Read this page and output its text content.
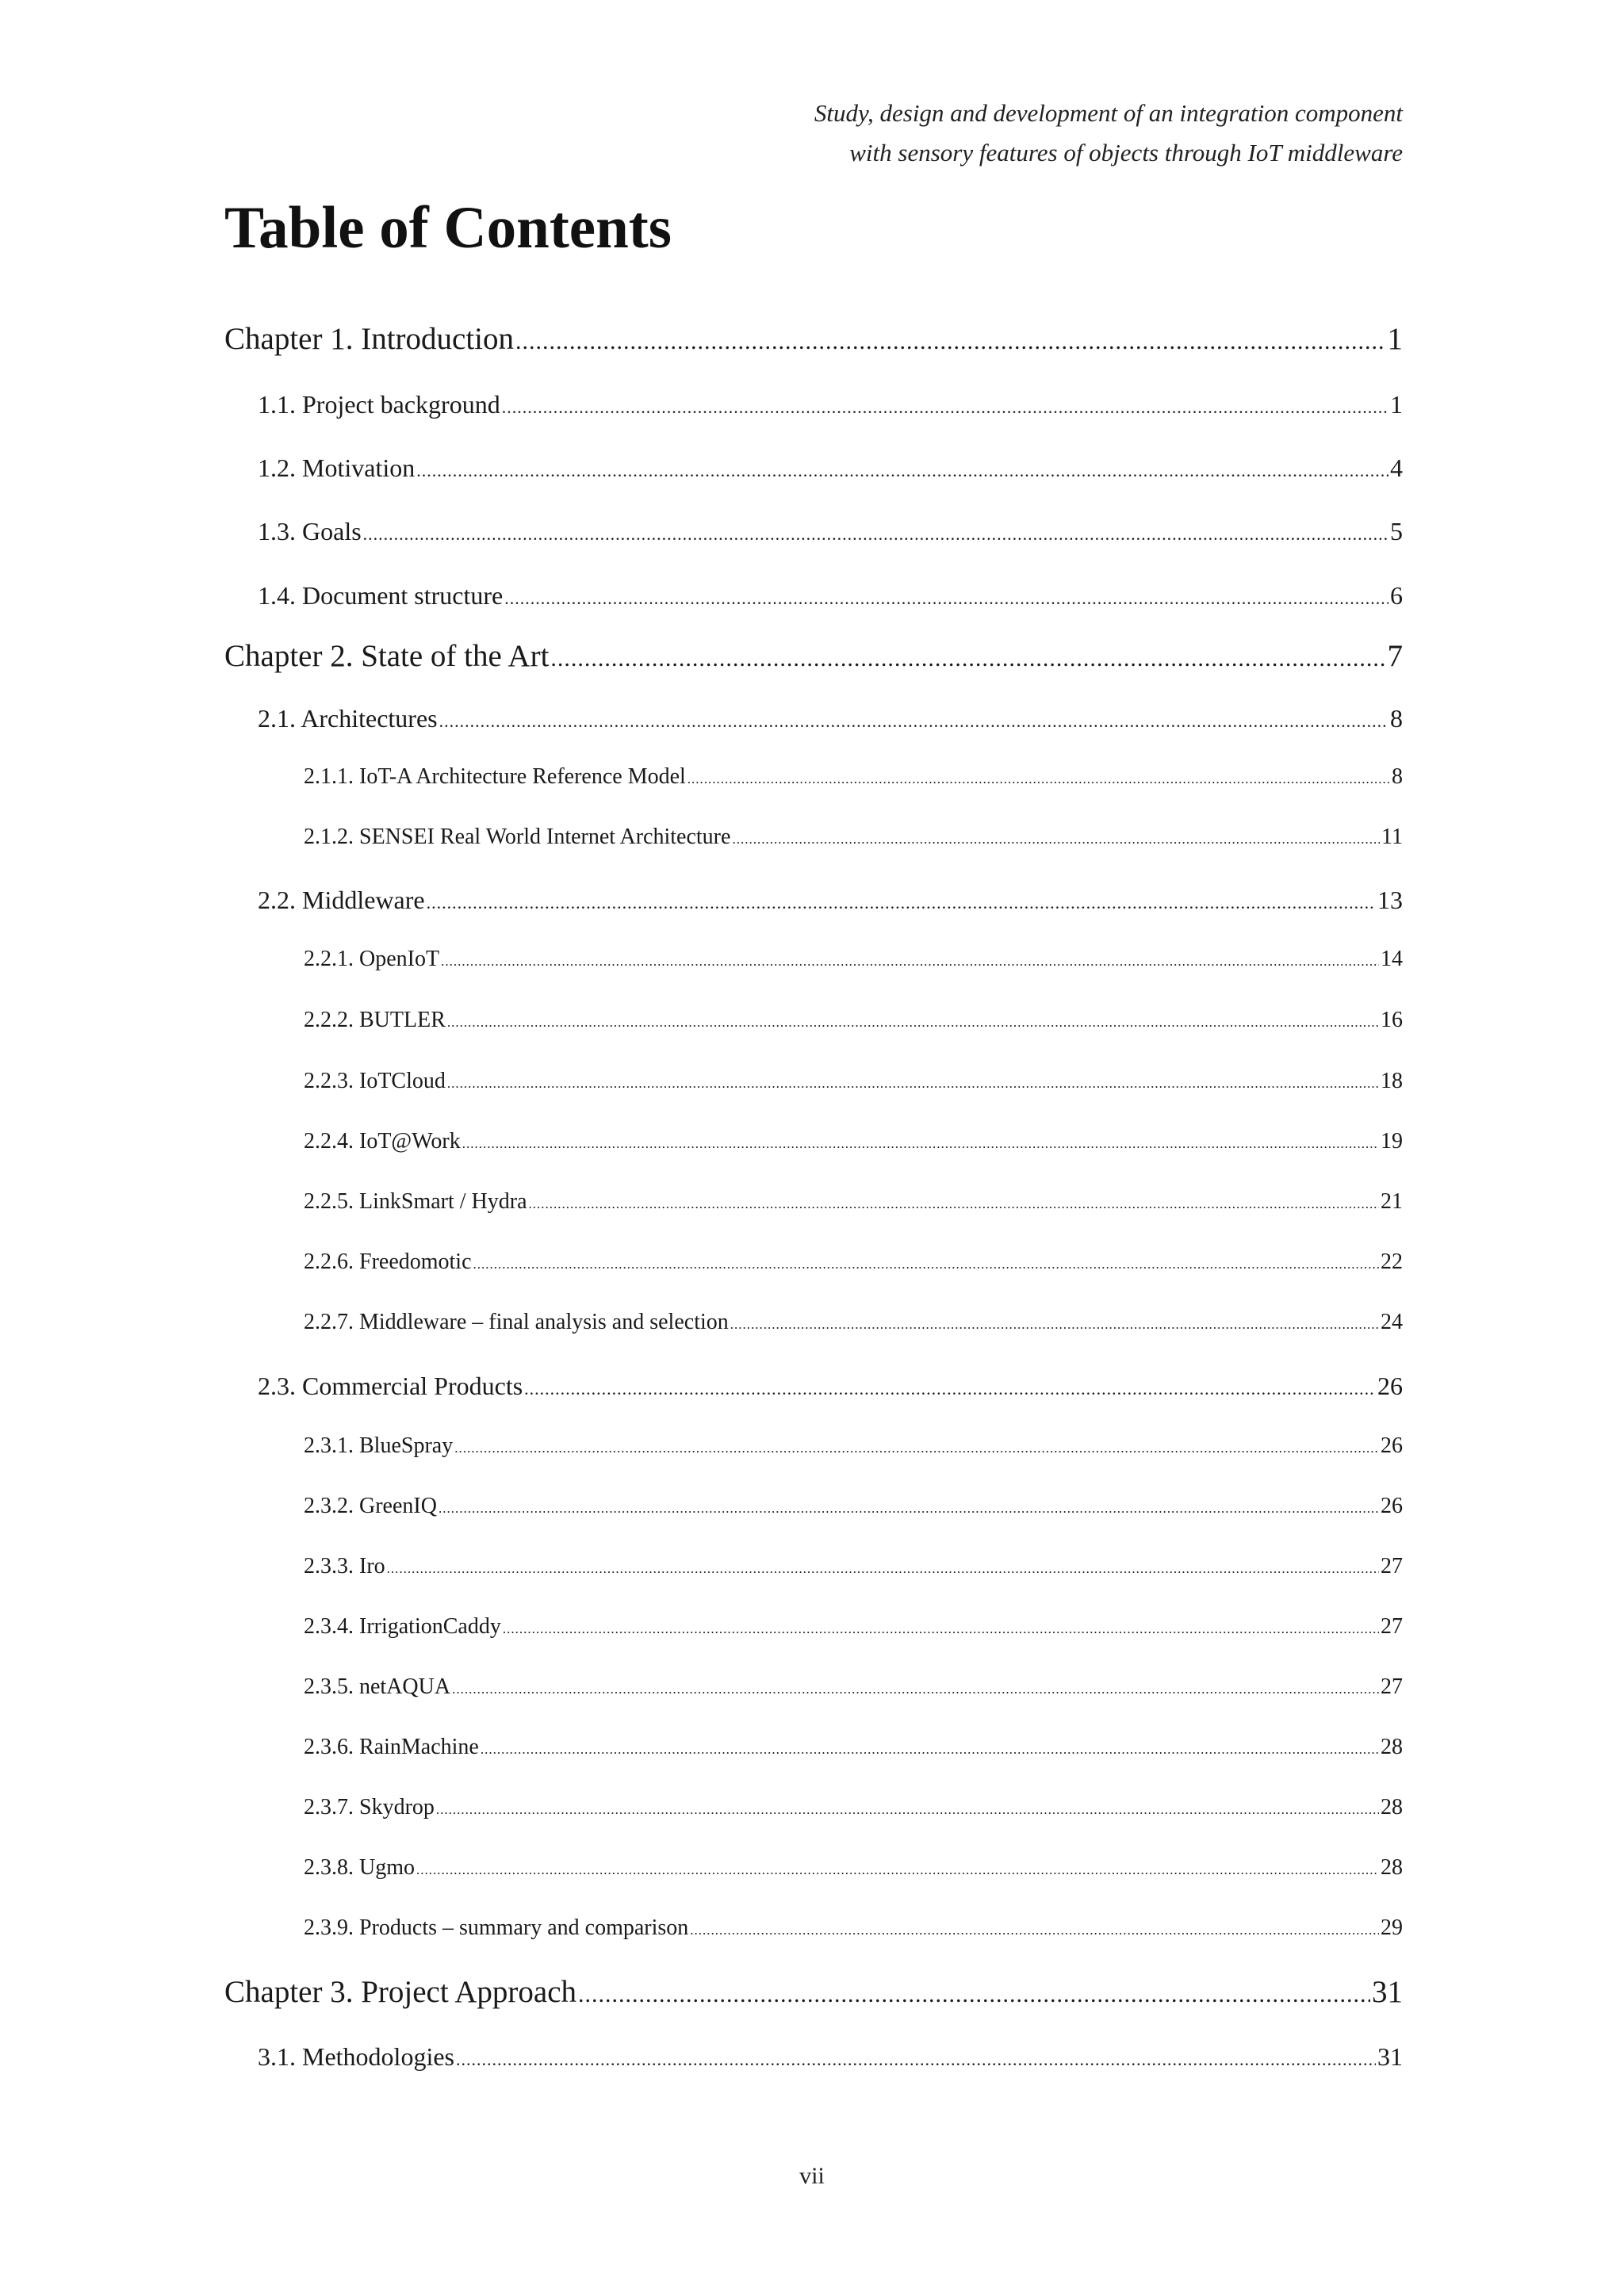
Study, design and development of an integration component
with sensory features of objects through IoT middleware
Table of Contents
Chapter 1. Introduction .....	1
1.1. Project background .....	1
1.2. Motivation .....	4
1.3. Goals .....	5
1.4. Document structure .....	6
Chapter 2. State of the Art .....	7
2.1. Architectures .....	8
2.1.1. IoT-A Architecture Reference Model .....	8
2.1.2. SENSEI Real World Internet Architecture .....	11
2.2. Middleware .....	13
2.2.1. OpenIoT .....	14
2.2.2. BUTLER .....	16
2.2.3. IoTCloud .....	18
2.2.4. IoT@Work .....	19
2.2.5. LinkSmart / Hydra .....	21
2.2.6. Freedomotic .....	22
2.2.7. Middleware – final analysis and selection .....	24
2.3. Commercial Products .....	26
2.3.1. BlueSpray .....	26
2.3.2. GreenIQ .....	26
2.3.3. Iro .....	27
2.3.4. IrrigationCaddy .....	27
2.3.5. netAQUA .....	27
2.3.6. RainMachine .....	28
2.3.7. Skydrop .....	28
2.3.8. Ugmo .....	28
2.3.9. Products – summary and comparison .....	29
Chapter 3. Project Approach .....	31
3.1. Methodologies .....	31
vii
